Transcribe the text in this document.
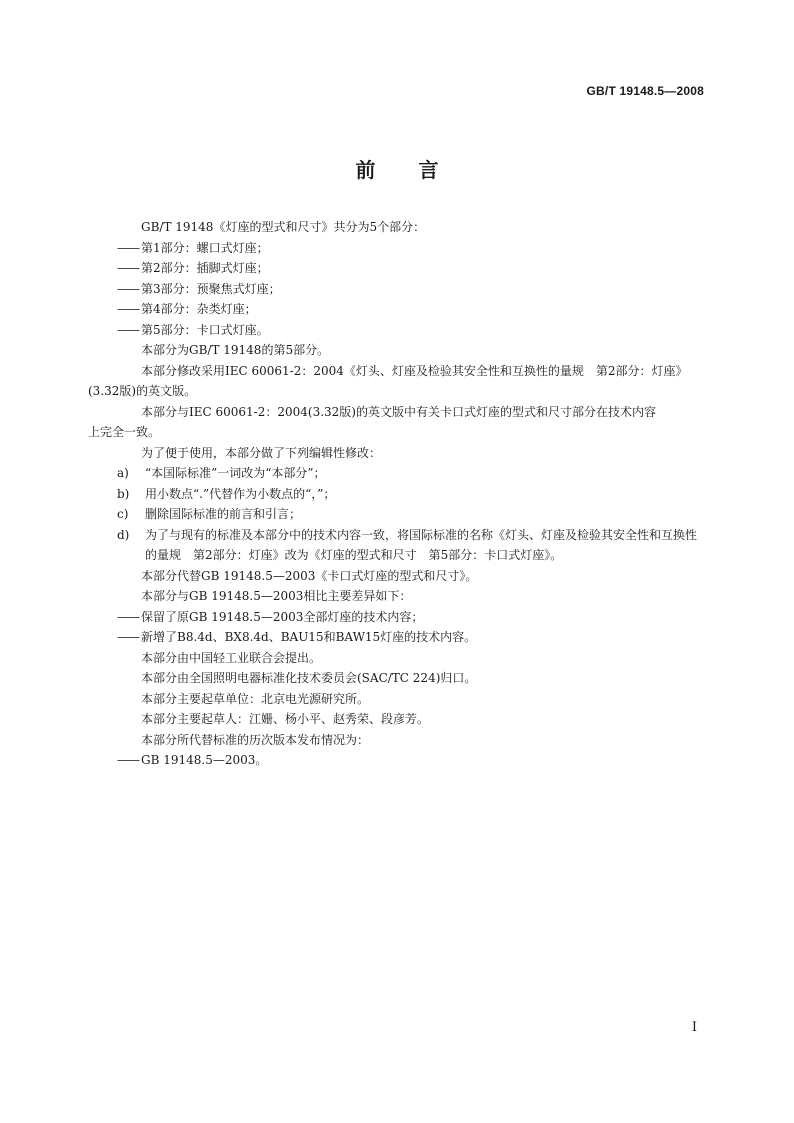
GB/T 19148.5—2008
前 言

GB/T 19148《灯座的型式和尺寸》共分为5个部分：

—— 第1部分：螺口式灯座；

—— 第2部分：插脚式灯座；

—— 第3部分：预聚焦式灯座；

—— 第4部分：杂类灯座；

—— 第5部分：卡口式灯座。

本部分为GB/T 19148的第5部分。

本部分修改采用IEC 60061-2：2004《灯头、灯座及检验其安全性和互换性的量规　第2部分：灯座》

(3.32版)的英文版。

本部分与IEC 60061-2：2004(3.32版)的英文版中有关卡口式灯座的型式和尺寸部分在技术内容

上完全一致。

为了便于使用，本部分做了下列编辑性修改：

a)	“本国际标准”一词改为“本部分”；
b)	用小数点“.”代替作为小数点的“，”；
c)	删除国际标准的前言和引言；
d)	为了与现有的标准及本部分中的技术内容一致，将国际标准的名称《灯头、灯座及检验其安全性和互换性的量规　第2部分：灯座》改为《灯座的型式和尺寸　第5部分：卡口式灯座》。

本部分代替GB 19148.5—2003《卡口式灯座的型式和尺寸》。

本部分与GB 19148.5—2003相比主要差异如下：

—— 保留了原GB 19148.5—2003全部灯座的技术内容；

—— 新增了B8.4d、BX8.4d、BAU15和BAW15灯座的技术内容。

本部分由中国轻工业联合会提出。

本部分由全国照明电器标准化技术委员会(SAC/TC 224)归口。

本部分主要起草单位：北京电光源研究所。

本部分主要起草人：江姗、杨小平、赵秀荣、段彦芳。

本部分所代替标准的历次版本发布情况为：

—— GB 19148.5—2003。

I
